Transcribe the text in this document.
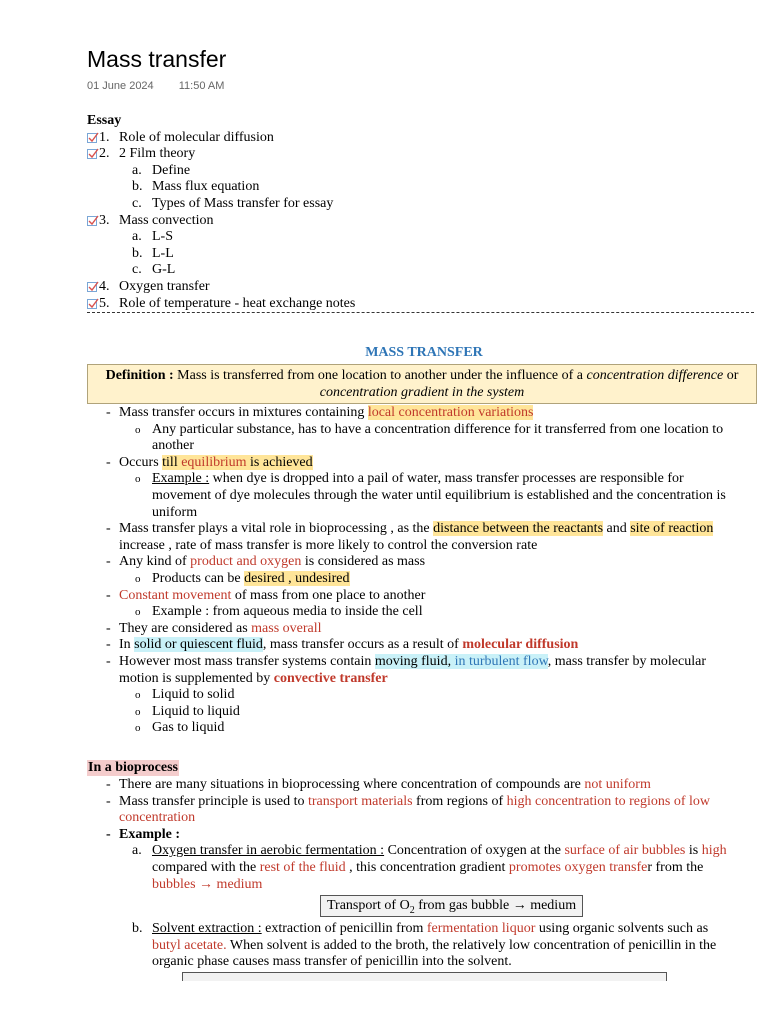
Mass transfer
01 June 2024 11:50 AM
Essay
1. Role of molecular diffusion
2. 2 Film theory
a. Define
b. Mass flux equation
c. Types of Mass transfer for essay
3. Mass convection
a. L-S
b. L-L
c. G-L
4. Oxygen transfer
5. Role of temperature - heat exchange notes
MASS TRANSFER
Definition : Mass is transferred from one location to another under the influence of a concentration difference or concentration gradient in the system
- Mass transfer occurs in mixtures containing local concentration variations
o Any particular substance, has to have a concentration difference for it transferred from one location to
another
- Occurs till equilibrium is achieved
o Example : when dye is dropped into a pail of water, mass transfer processes are responsible for
movement of dye molecules through the water until equilibrium is established and the concentration is
uniform
- Mass transfer plays a vital role in bioprocessing , as the distance between the reactants and site of reaction
increase , rate of mass transfer is more likely to control the conversion rate
- Any kind of product and oxygen is considered as mass
o Products can be desired , undesired
- Constant movement of mass from one place to another
o Example : from aqueous media to inside the cell
- They are considered as mass overall
- In solid or quiescent fluid, mass transfer occurs as a result of molecular diffusion
- However most mass transfer systems contain moving fluid, in turbulent flow, mass transfer by molecular
motion is supplemented by convective transfer
o Liquid to solid
o Liquid to liquid
o Gas to liquid
In a bioprocess
- There are many situations in bioprocessing where concentration of compounds are not uniform
- Mass transfer principle is used to transport materials from regions of high concentration to regions of low
concentration
- Example :
a. Oxygen transfer in aerobic fermentation : Concentration of oxygen at the surface of air bubbles is high
compared with the rest of the fluid , this concentration gradient promotes oxygen transfer from the
bubbles → medium
Transport of $O_2$ from gas bubble → medium
b. Solvent extraction : extraction of penicillin from fermentation liquor using organic solvents such as
butyl acetate. When solvent is added to the broth, the relatively low concentration of penicillin in the
organic phase causes mass transfer of penicillin into the solvent.
